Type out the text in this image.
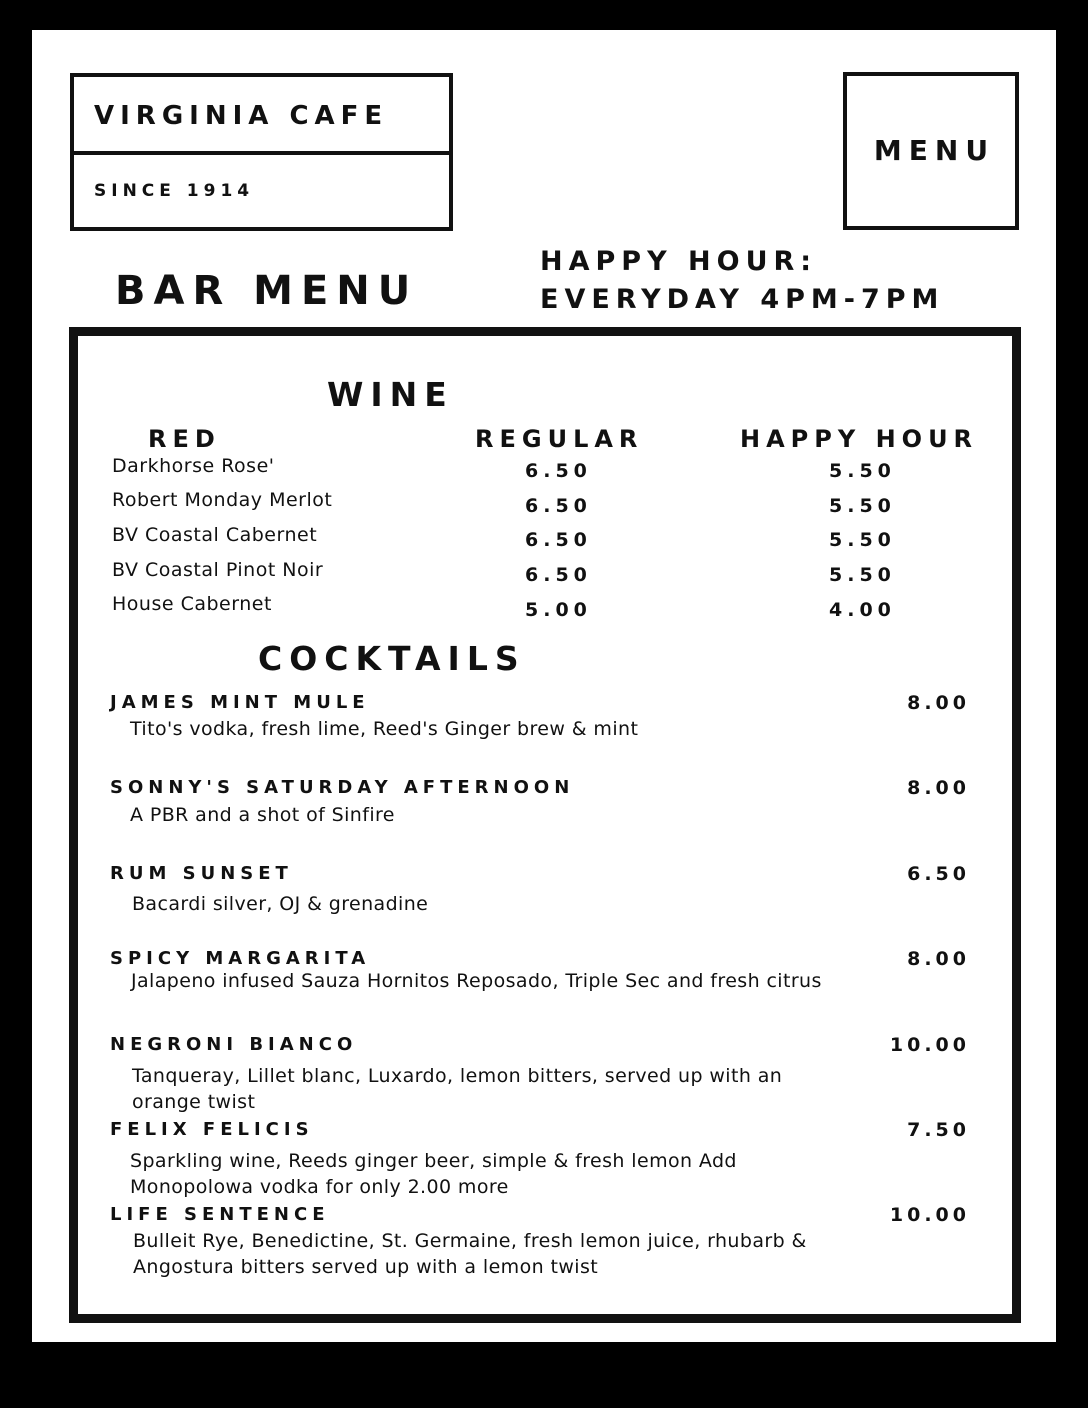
VIRGINIA CAFE
SINCE 1914
MENU
BAR MENU
HAPPY HOUR:
EVERYDAY 4PM-7PM
WINE
RED	REGULAR	HAPPY HOUR
Darkhorse Rose'	6.50	5.50
Robert Monday Merlot	6.50	5.50
BV Coastal Cabernet	6.50	5.50
BV Coastal Pinot Noir	6.50	5.50
House Cabernet	5.00	4.00
COCKTAILS
JAMES MINT MULE	8.00
Tito's vodka, fresh lime, Reed's Ginger brew & mint
SONNY'S SATURDAY AFTERNOON	8.00
A PBR and a shot of Sinfire
RUM SUNSET	6.50
Bacardi silver, OJ & grenadine
SPICY MARGARITA	8.00
Jalapeno infused Sauza Hornitos Reposado, Triple Sec and fresh citrus
NEGRONI BIANCO	10.00
Tanqueray, Lillet blanc, Luxardo, lemon bitters, served up with an orange twist
FELIX FELICIS	7.50
Sparkling wine, Reeds ginger beer, simple & fresh lemon Add Monopolowa vodka for only 2.00 more
LIFE SENTENCE	10.00
Bulleit Rye, Benedictine, St. Germaine, fresh lemon juice, rhubarb & Angostura bitters served up with a lemon twist
